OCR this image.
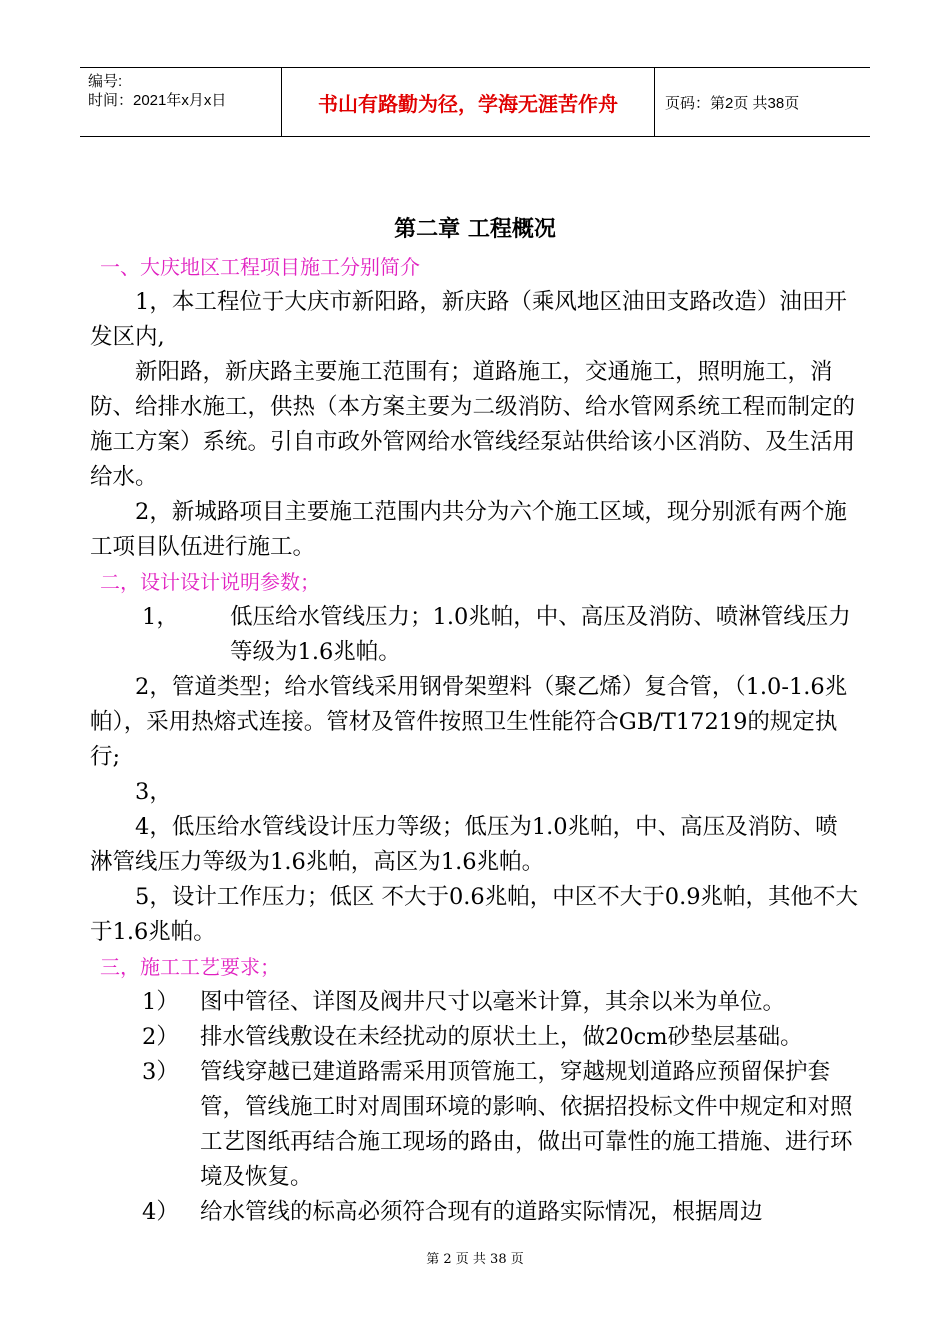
编号:
时间：2021年x月x日	书山有路勤为径，学海无涯苦作舟	页码：第2页 共38页
第二章 工程概况
一、大庆地区工程项目施工分别简介

1，本工程位于大庆市新阳路，新庆路（乘风地区油田支路改造）油田开发区内,

新阳路，新庆路主要施工范围有；道路施工，交通施工，照明施工，消防、给排水施工，供热（本方案主要为二级消防、给水管网系统工程而制定的施工方案）系统。引自市政外管网给水管线经泵站供给该小区消防、及生活用给水。

2，新城路项目主要施工范围内共分为六个施工区域，现分别派有两个施工项目队伍进行施工。

二，设计设计说明参数；
1，	低压给水管线压力；1.0兆帕，中、高压及消防、喷淋管线压力等级为1.6兆帕。

2，管道类型；给水管线采用钢骨架塑料（聚乙烯）复合管，（1.0-1.6兆帕），采用热熔式连接。管材及管件按照卫生性能符合GB/T17219的规定执行;

3，

4，低压给水管线设计压力等级；低压为1.0兆帕，中、高压及消防、喷淋管线压力等级为1.6兆帕，高区为1.6兆帕。

5，设计工作压力；低区 不大于0.6兆帕，中区不大于0.9兆帕，其他不大于1.6兆帕。

三，施工工艺要求；
1） 图中管径、详图及阀井尺寸以毫米计算，其余以米为单位。
2） 排水管线敷设在未经扰动的原状土上，做20cm砂垫层基础。
3） 管线穿越已建道路需采用顶管施工，穿越规划道路应预留保护套管，管线施工时对周围环境的影响、依据招投标文件中规定和对照工艺图纸再结合施工现场的路由，做出可靠性的施工措施、进行环境及恢复。
4） 给水管线的标高必须符合现有的道路实际情况，根据周边
第 2 页 共 38 页
